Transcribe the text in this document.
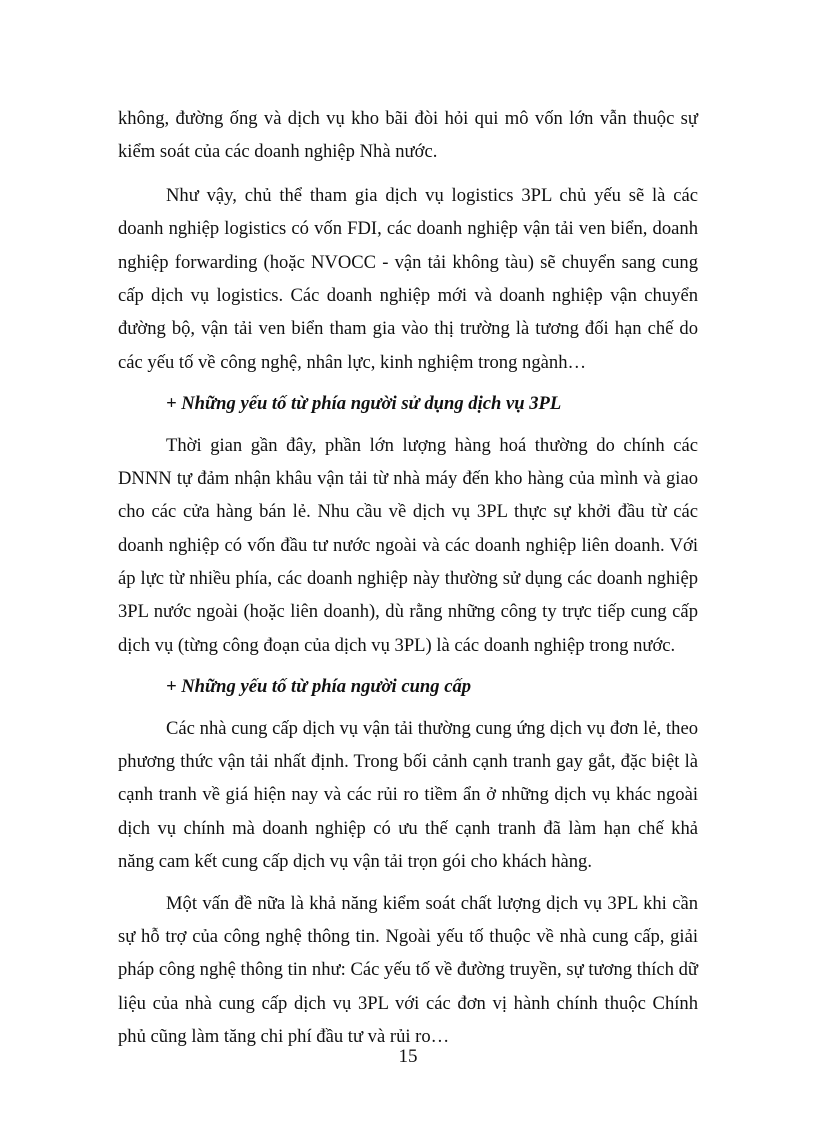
không, đường ống và dịch vụ kho bãi đòi hỏi qui mô vốn lớn vẫn thuộc sự
kiểm soát của các doanh nghiệp Nhà nước.
Như vậy, chủ thể tham gia dịch vụ logistics 3PL chủ yếu sẽ là các
doanh nghiệp logistics có vốn FDI, các doanh nghiệp vận tải ven biển, doanh
nghiệp forwarding (hoặc NVOCC - vận tải không tàu) sẽ chuyển sang cung
cấp dịch vụ logistics. Các doanh nghiệp mới và doanh nghiệp vận chuyển
đường bộ, vận tải ven biển tham gia vào thị trường là tương đối hạn chế do
các yếu tố về công nghệ, nhân lực, kinh nghiệm trong ngành…
+ Những yếu tố từ phía người sử dụng dịch vụ 3PL
Thời gian gần đây, phần lớn lượng hàng hoá thường do chính các
DNNN tự đảm nhận khâu vận tải từ nhà máy đến kho hàng của mình và giao
cho các cửa hàng bán lẻ. Nhu cầu về dịch vụ 3PL thực sự khởi đầu từ các
doanh nghiệp có vốn đầu tư nước ngoài và các doanh nghiệp liên doanh. Với
áp lực từ nhiều phía, các doanh nghiệp này thường sử dụng các doanh nghiệp
3PL nước ngoài (hoặc liên doanh), dù rằng những công ty trực tiếp cung cấp
dịch vụ (từng công đoạn của dịch vụ 3PL) là các doanh nghiệp trong nước.
+ Những yếu tố từ phía người cung cấp
Các nhà cung cấp dịch vụ vận tải thường cung ứng dịch vụ đơn lẻ, theo
phương thức vận tải nhất định. Trong bối cảnh cạnh tranh gay gắt, đặc biệt là
cạnh tranh về giá hiện nay và các rủi ro tiềm ẩn ở những dịch vụ khác ngoài
dịch vụ chính mà doanh nghiệp có ưu thế cạnh tranh đã làm hạn chế khả
năng cam kết cung cấp dịch vụ vận tải trọn gói cho khách hàng.
Một vấn đề nữa là khả năng kiểm soát chất lượng dịch vụ 3PL khi cần
sự hỗ trợ của công nghệ thông tin. Ngoài yếu tố thuộc về nhà cung cấp, giải
pháp công nghệ thông tin như: Các yếu tố về đường truyền, sự tương thích dữ
liệu của nhà cung cấp dịch vụ 3PL với các đơn vị hành chính thuộc Chính
phủ cũng làm tăng chi phí đầu tư và rủi ro…
15
